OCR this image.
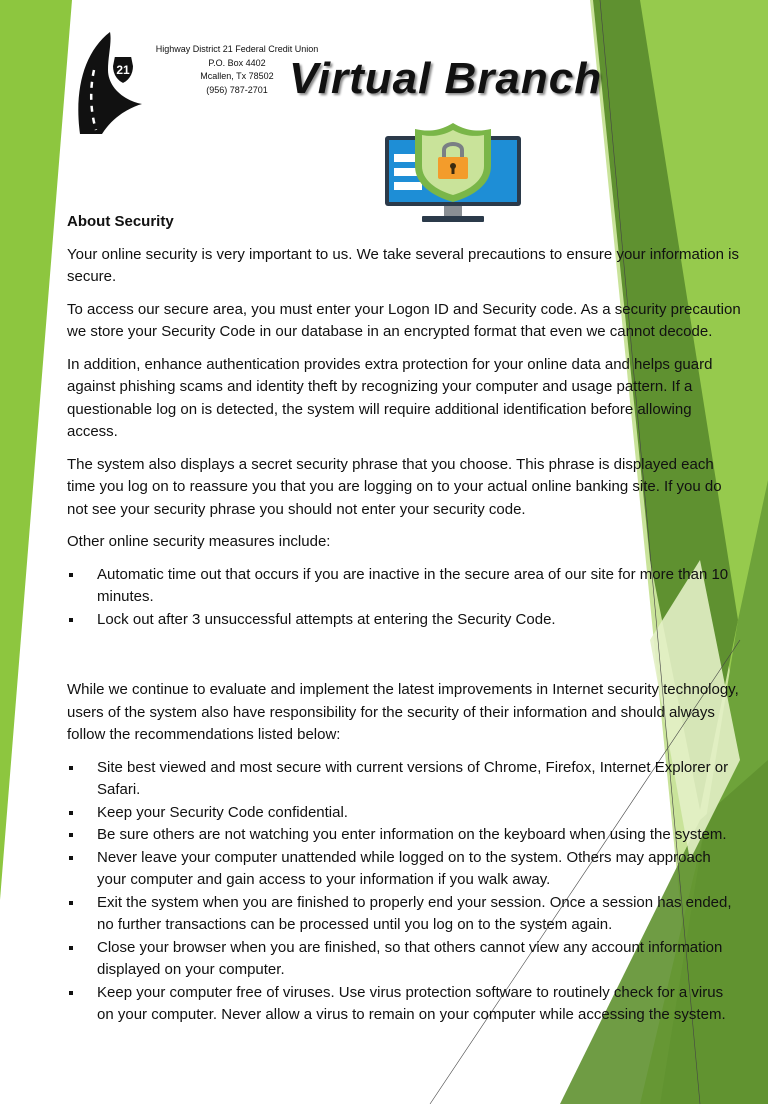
21
Highway District 21 Federal Credit Union
P.O. Box 4402
Mcallen, Tx 78502
(956) 787-2701 Virtual Branch

About Security

Your online security is very important to us. We take several precautions to ensure your information is secure.

To access our secure area, you must enter your Logon ID and Security code. As a security precaution we store your Security Code in our database in an encrypted format that even we cannot decode.

In addition, enhance authentication provides extra protection for your online data and helps guard against phishing scams and identity theft by recognizing your computer and usage pattern. If a questionable log on is detected, the system will require additional identification before allowing access.

The system also displays a secret security phrase that you choose. This phrase is displayed each time you log on to reassure you that you are logging on to your actual online banking site. If you do not see your security phrase you should not enter your security code.

Other online security measures include:

Automatic time out that occurs if you are inactive in the secure area of our site for more than 10 minutes.
Lock out after 3 unsuccessful attempts at entering the Security Code.

While we continue to evaluate and implement the latest improvements in Internet security technology, users of the system also have responsibility for the security of their information and should always follow the recommendations listed below:

Site best viewed and most secure with current versions of Chrome, Firefox, Internet Explorer or Safari.
Keep your Security Code confidential.
Be sure others are not watching you enter information on the keyboard when using the system.
Never leave your computer unattended while logged on to the system. Others may approach your computer and gain access to your information if you walk away.
Exit the system when you are finished to properly end your session. Once a session has ended, no further transactions can be processed until you log on to the system again.
Close your browser when you are finished, so that others cannot view any account information displayed on your computer.
Keep your computer free of viruses. Use virus protection software to routinely check for a virus on your computer. Never allow a virus to remain on your computer while accessing the system.
